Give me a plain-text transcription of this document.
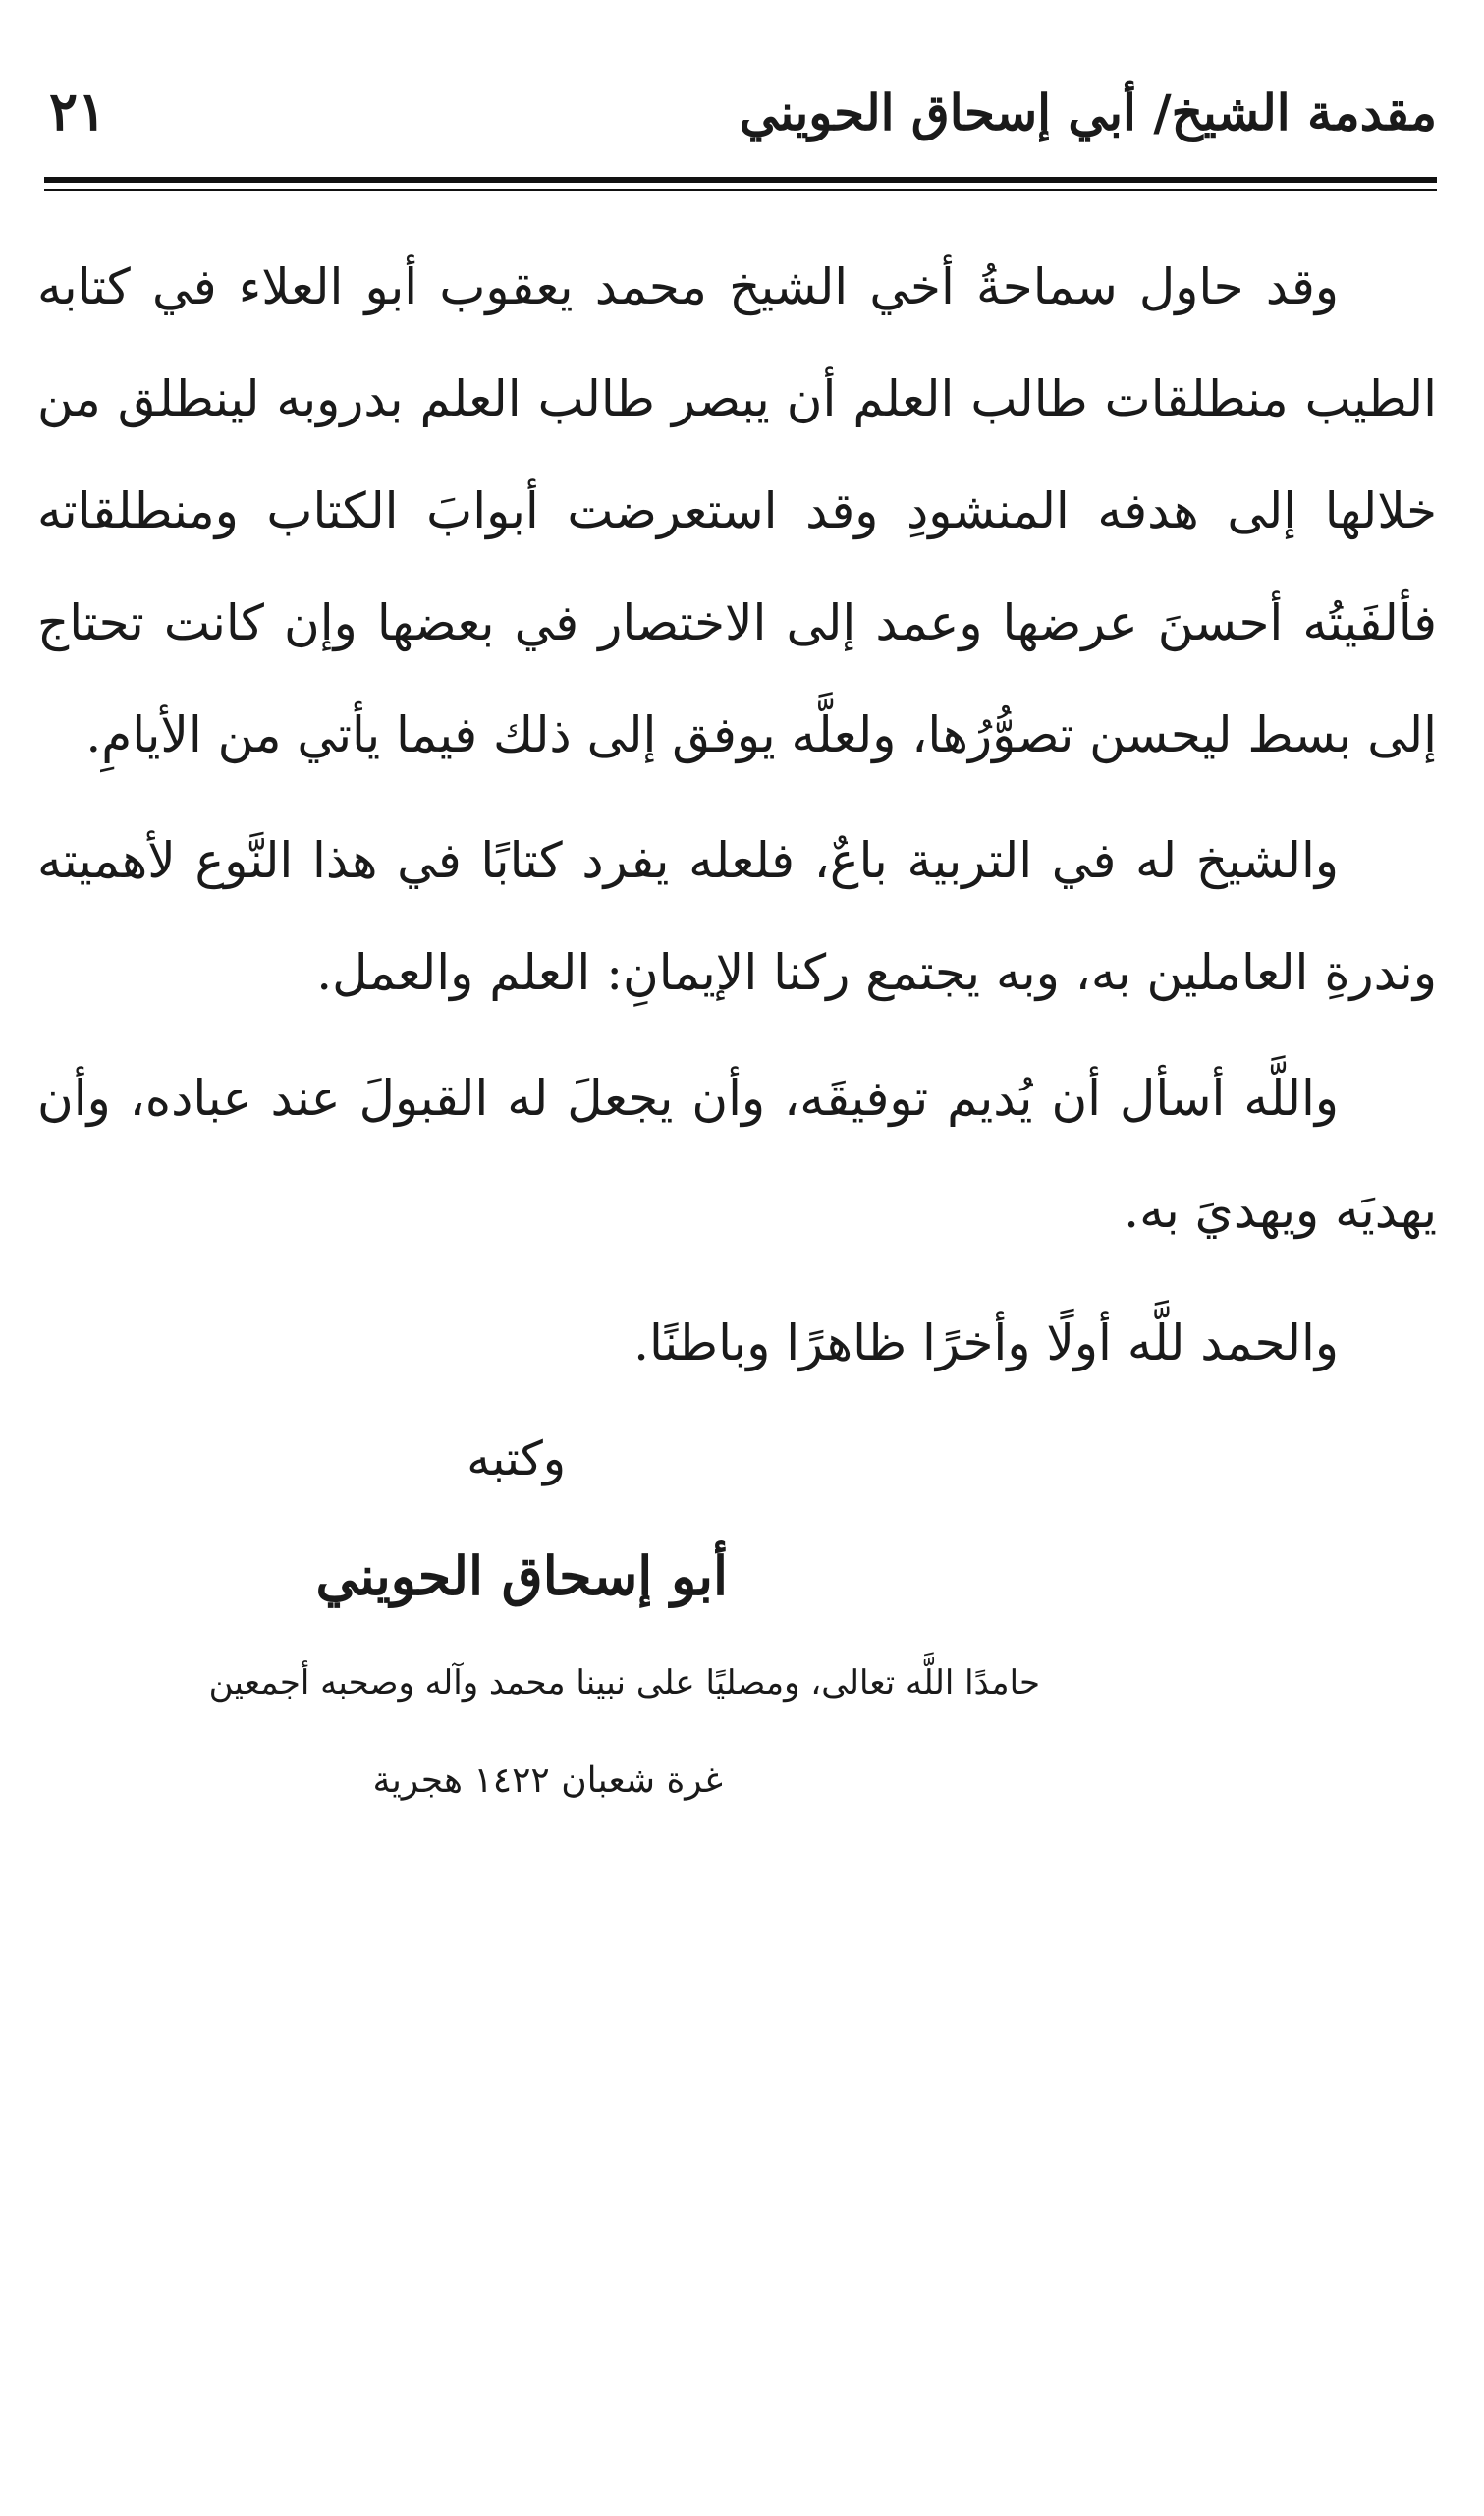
٢١	مقدمة الشيخ/ أبي إسحاق الحويني

وقد حاول سماحةُ أخي الشيخ محمد يعقوب أبو العلاء في كتابه الطيب منطلقات طالب العلم أن يبصر طالب العلم بدروبه لينطلق من خلالها إلى هدفه المنشودِ وقد استعرضت أبوابَ الكتاب ومنطلقاته فألفَيتُه أحسنَ عرضها وعمد إلى الاختصار في بعضها وإن كانت تحتاج إلى بسط ليحسن تصوُّرُها، ولعلَّه يوفق إلى ذلك فيما يأتي من الأيامِ.

والشيخ له في التربية باعٌ، فلعله يفرد كتابًا في هذا النَّوع لأهميته وندرةِ العاملين به، وبه يجتمع ركنا الإيمانِ: العلم والعمل.

واللَّه أسأل أن يُديم توفيقَه، وأن يجعلَ له القبولَ عند عباده، وأن يهديَه ويهديَ به.

والحمد للَّه أولًا وأخرًا ظاهرًا وباطنًا.
وكتبه
أبو إسحاق الحويني
حامدًا اللَّه تعالى، ومصليًا على نبينا محمد وآله وصحبه أجمعين
غرة شعبان ١٤٢٢ هجرية
